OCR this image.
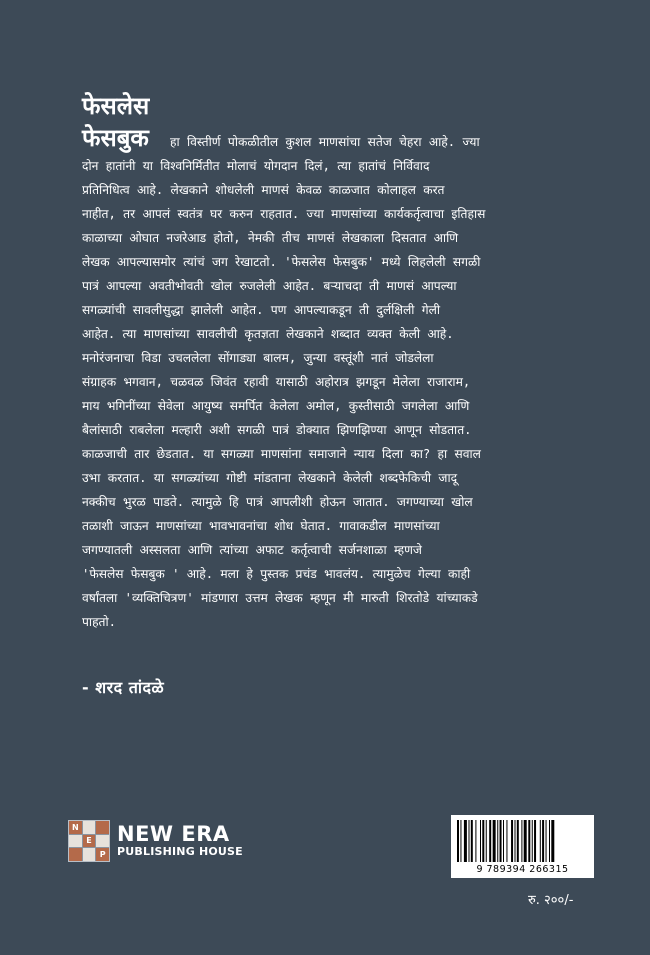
फेसलेस
फेसबुक	हा विस्तीर्ण पोकळीतील कुशल माणसांचा सतेज चेहरा आहे. ज्या
दोन हातांनी या विश्वनिर्मितीत मोलाचं योगदान दिलं, त्या हातांचं निर्विवाद
प्रतिनिधित्व आहे. लेखकाने शोधलेली माणसं केवळ काळजात कोलाहल करत
नाहीत, तर आपलं स्वतंत्र घर करुन राहतात. ज्या माणसांच्या कार्यकर्तृत्वाचा इतिहास
काळाच्या ओघात नजरेआड होतो, नेमकी तीच माणसं लेखकाला दिसतात आणि
लेखक आपल्यासमोर त्यांचं जग रेखाटतो. 'फेसलेस फेसबुक' मध्ये लिहलेली सगळी
पात्रं आपल्या अवतीभोवती खोल रुजलेली आहेत. बऱ्याचदा ती माणसं आपल्या
सगळ्यांची सावलीसुद्धा झालेली आहेत. पण आपल्याकडून ती दुर्लक्षिली गेली
आहेत. त्या माणसांच्या सावलीची कृतज्ञता लेखकाने शब्दात व्यक्त केली आहे.
मनोरंजनाचा विडा उचललेला सोंगाड्या बालम, जुन्या वस्तूंशी नातं जोडलेला
संग्राहक भगवान, चळवळ जिवंत रहावी यासाठी अहोरात्र झगडून मेलेला राजाराम,
माय भगिनींच्या सेवेला आयुष्य समर्पित केलेला अमोल, कुस्तीसाठी जगलेला आणि
बैलांसाठी राबलेला मल्हारी अशी सगळी पात्रं डोक्यात झिणझिण्या आणून सोडतात.
काळजाची तार छेडतात. या सगळ्या माणसांना समाजाने न्याय दिला का? हा सवाल
उभा करतात. या सगळ्यांच्या गोष्टी मांडताना लेखकाने केलेली शब्दफेकिची जादू
नक्कीच भुरळ पाडते. त्यामुळे हि पात्रं आपलीशी होऊन जातात. जगण्याच्या खोल
तळाशी जाऊन माणसांच्या भावभावनांचा शोध घेतात. गावाकडील माणसांच्या
जगण्यातली अस्सलता आणि त्यांच्या अफाट कर्तृत्वाची सर्जनशाळा म्हणजे
'फेसलेस फेसबुक ' आहे. मला हे पुस्तक प्रचंड भावलंय. त्यामुळेच गेल्या काही
वर्षांतला 'व्यक्तिचित्रण' मांडणारा उत्तम लेखक म्हणून मी मारुती शिरतोडे यांच्याकडे
पाहतो.
- शरद तांदळे
N
E
P
NEW ERA
PUBLISHING HOUSE
9 789394 266315
रु. २००/-
